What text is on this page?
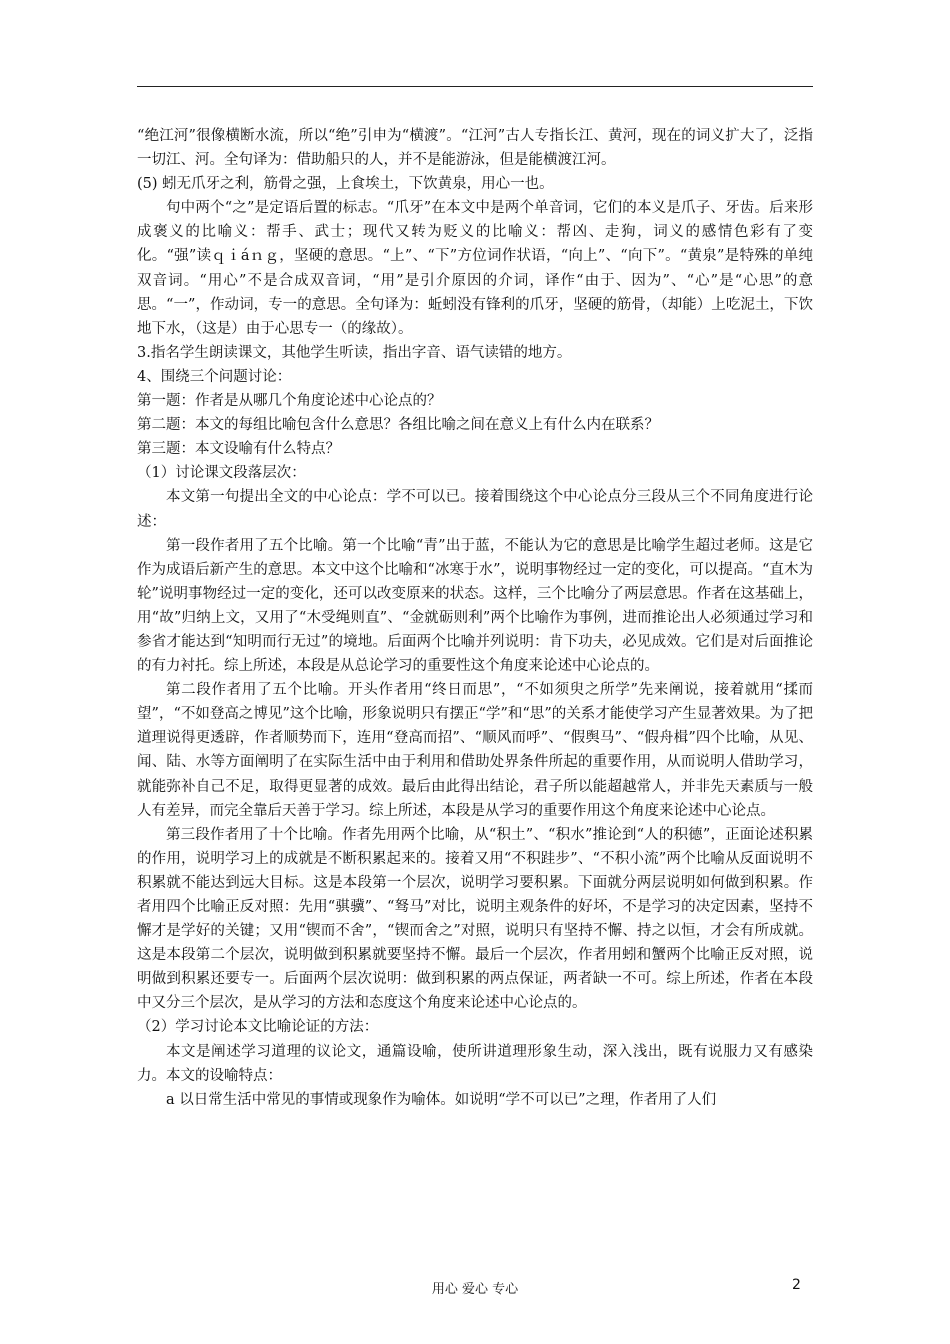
“绝江河”很像横断水流，所以“绝”引申为“横渡”。“江河”古人专指长江、黄河，现在的词义扩大了，泛指一切江、河。全句译为：借助船只的人，并不是能游泳，但是能横渡江河。

(5) 蚓无爪牙之利，筋骨之强，上食埃土，下饮黄泉，用心一也。

句中两个“之”是定语后置的标志。“爪牙”在本文中是两个单音词，它们的本义是爪子、牙齿。后来形成褒义的比喻义：帮手、武士；现代又转为贬义的比喻义：帮凶、走狗，词义的感情色彩有了变化。“强”读ｑｉáｎｇ，坚硬的意思。“上”、“下”方位词作状语，“向上”、“向下”。“黄泉”是特殊的单纯双音词。“用心”不是合成双音词，“用”是引介原因的介词，译作“由于、因为”、“心”是“心思”的意思。“一”，作动词，专一的意思。全句译为：蚯蚓没有锋利的爪牙，坚硬的筋骨，（却能）上吃泥土，下饮地下水，（这是）由于心思专一（的缘故）。

3.指名学生朗读课文，其他学生听读，指出字音、语气读错的地方。

4、围绕三个问题讨论：

第一题：作者是从哪几个角度论述中心论点的？

第二题：本文的每组比喻包含什么意思？各组比喻之间在意义上有什么内在联系？

第三题：本文设喻有什么特点？

（1）讨论课文段落层次：

本文第一句提出全文的中心论点：学不可以已。接着围绕这个中心论点分三段从三个不同角度进行论述：

第一段作者用了五个比喻。第一个比喻“青”出于蓝，不能认为它的意思是比喻学生超过老师。这是它作为成语后新产生的意思。本文中这个比喻和“冰寒于水”，说明事物经过一定的变化，可以提高。“直木为轮”说明事物经过一定的变化，还可以改变原来的状态。这样，三个比喻分了两层意思。作者在这基础上，用“故”归纳上文，又用了“木受绳则直”、“金就砺则利”两个比喻作为事例，进而推论出人必须通过学习和参省才能达到“知明而行无过”的境地。后面两个比喻并列说明：肯下功夫，必见成效。它们是对后面推论的有力衬托。综上所述，本段是从总论学习的重要性这个角度来论述中心论点的。

第二段作者用了五个比喻。开头作者用“终日而思”，“不如须臾之所学”先来阐说，接着就用“揉而望”，“不如登高之博见”这个比喻，形象说明只有摆正“学”和“思”的关系才能使学习产生显著效果。为了把道理说得更透辟，作者顺势而下，连用“登高而招”、“顺风而呼”、“假舆马”、“假舟楫”四个比喻，从见、闻、陆、水等方面阐明了在实际生活中由于利用和借助处界条件所起的重要作用，从而说明人借助学习，就能弥补自己不足，取得更显著的成效。最后由此得出结论，君子所以能超越常人，并非先天素质与一般人有差异，而完全靠后天善于学习。综上所述，本段是从学习的重要作用这个角度来论述中心论点。

第三段作者用了十个比喻。作者先用两个比喻，从“积土”、“积水”推论到“人的积德”，正面论述积累的作用，说明学习上的成就是不断积累起来的。接着又用“不积跬步”、“不积小流”两个比喻从反面说明不积累就不能达到远大目标。这是本段第一个层次，说明学习要积累。下面就分两层说明如何做到积累。作者用四个比喻正反对照：先用“骐骥”、“驽马”对比，说明主观条件的好坏，不是学习的决定因素，坚持不懈才是学好的关键；又用“锲而不舍”，“锲而舍之”对照，说明只有坚持不懈、持之以恒，才会有所成就。这是本段第二个层次，说明做到积累就要坚持不懈。最后一个层次，作者用蚓和蟹两个比喻正反对照，说明做到积累还要专一。后面两个层次说明：做到积累的两点保证，两者缺一不可。综上所述，作者在本段中又分三个层次，是从学习的方法和态度这个角度来论述中心论点的。

（2）学习讨论本文比喻论证的方法：

本文是阐述学习道理的议论文，通篇设喻，使所讲道理形象生动，深入浅出，既有说服力又有感染力。本文的设喻特点：

a 以日常生活中常见的事情或现象作为喻体。如说明“学不可以已”之理，作者用了人们

用心 爱心 专心	2
